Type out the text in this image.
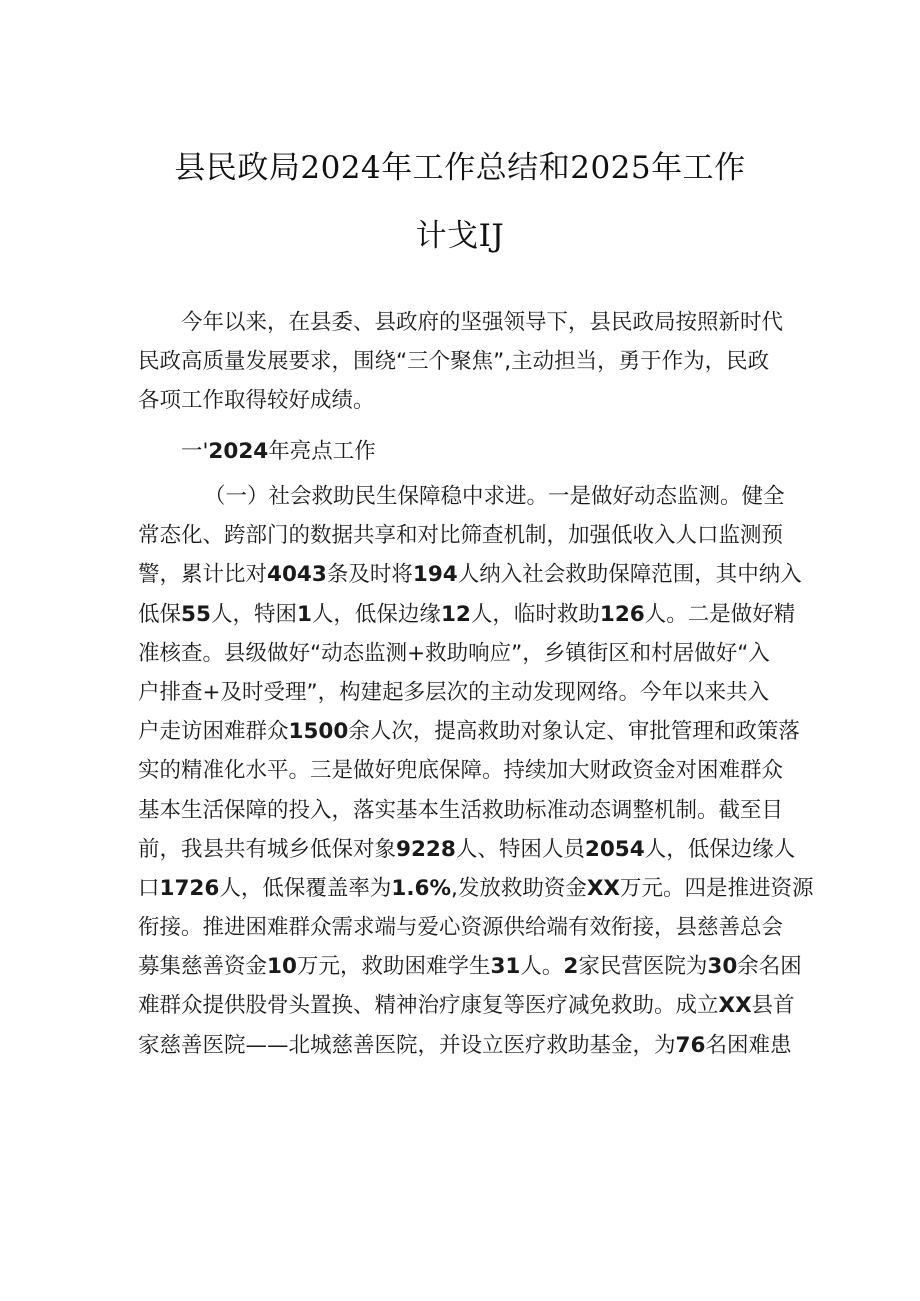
县民政局2024年工作总结和2025年工作
计戈IJ
今年以来，在县委、县政府的坚强领导下，县民政局按照新时代
民政高质量发展要求，围绕“三个聚焦”,主动担当，勇于作为，民政
各项工作取得较好成绩。
一'2024年亮点工作
（一）社会救助民生保障稳中求进。一是做好动态监测。健全
常态化、跨部门的数据共享和对比筛查机制，加强低收入人口监测预
警，累计比对4043条及时将194人纳入社会救助保障范围，其中纳入
低保55人，特困1人，低保边缘12人，临时救助126人。二是做好精
准核查。县级做好“动态监测+救助响应”，乡镇街区和村居做好“入
户排查+及时受理”，构建起多层次的主动发现网络。今年以来共入
户走访困难群众1500余人次，提高救助对象认定、审批管理和政策落
实的精准化水平。三是做好兜底保障。持续加大财政资金对困难群众
基本生活保障的投入，落实基本生活救助标准动态调整机制。截至目
前，我县共有城乡低保对象9228人、特困人员2054人，低保边缘人
口1726人，低保覆盖率为1.6%,发放救助资金XX万元。四是推进资源
衔接。推进困难群众需求端与爱心资源供给端有效衔接，县慈善总会
募集慈善资金10万元，救助困难学生31人。2家民营医院为30余名困
难群众提供股骨头置换、精神治疗康复等医疗减免救助。成立XX县首
家慈善医院——北城慈善医院，并设立医疗救助基金，为76名困难患
